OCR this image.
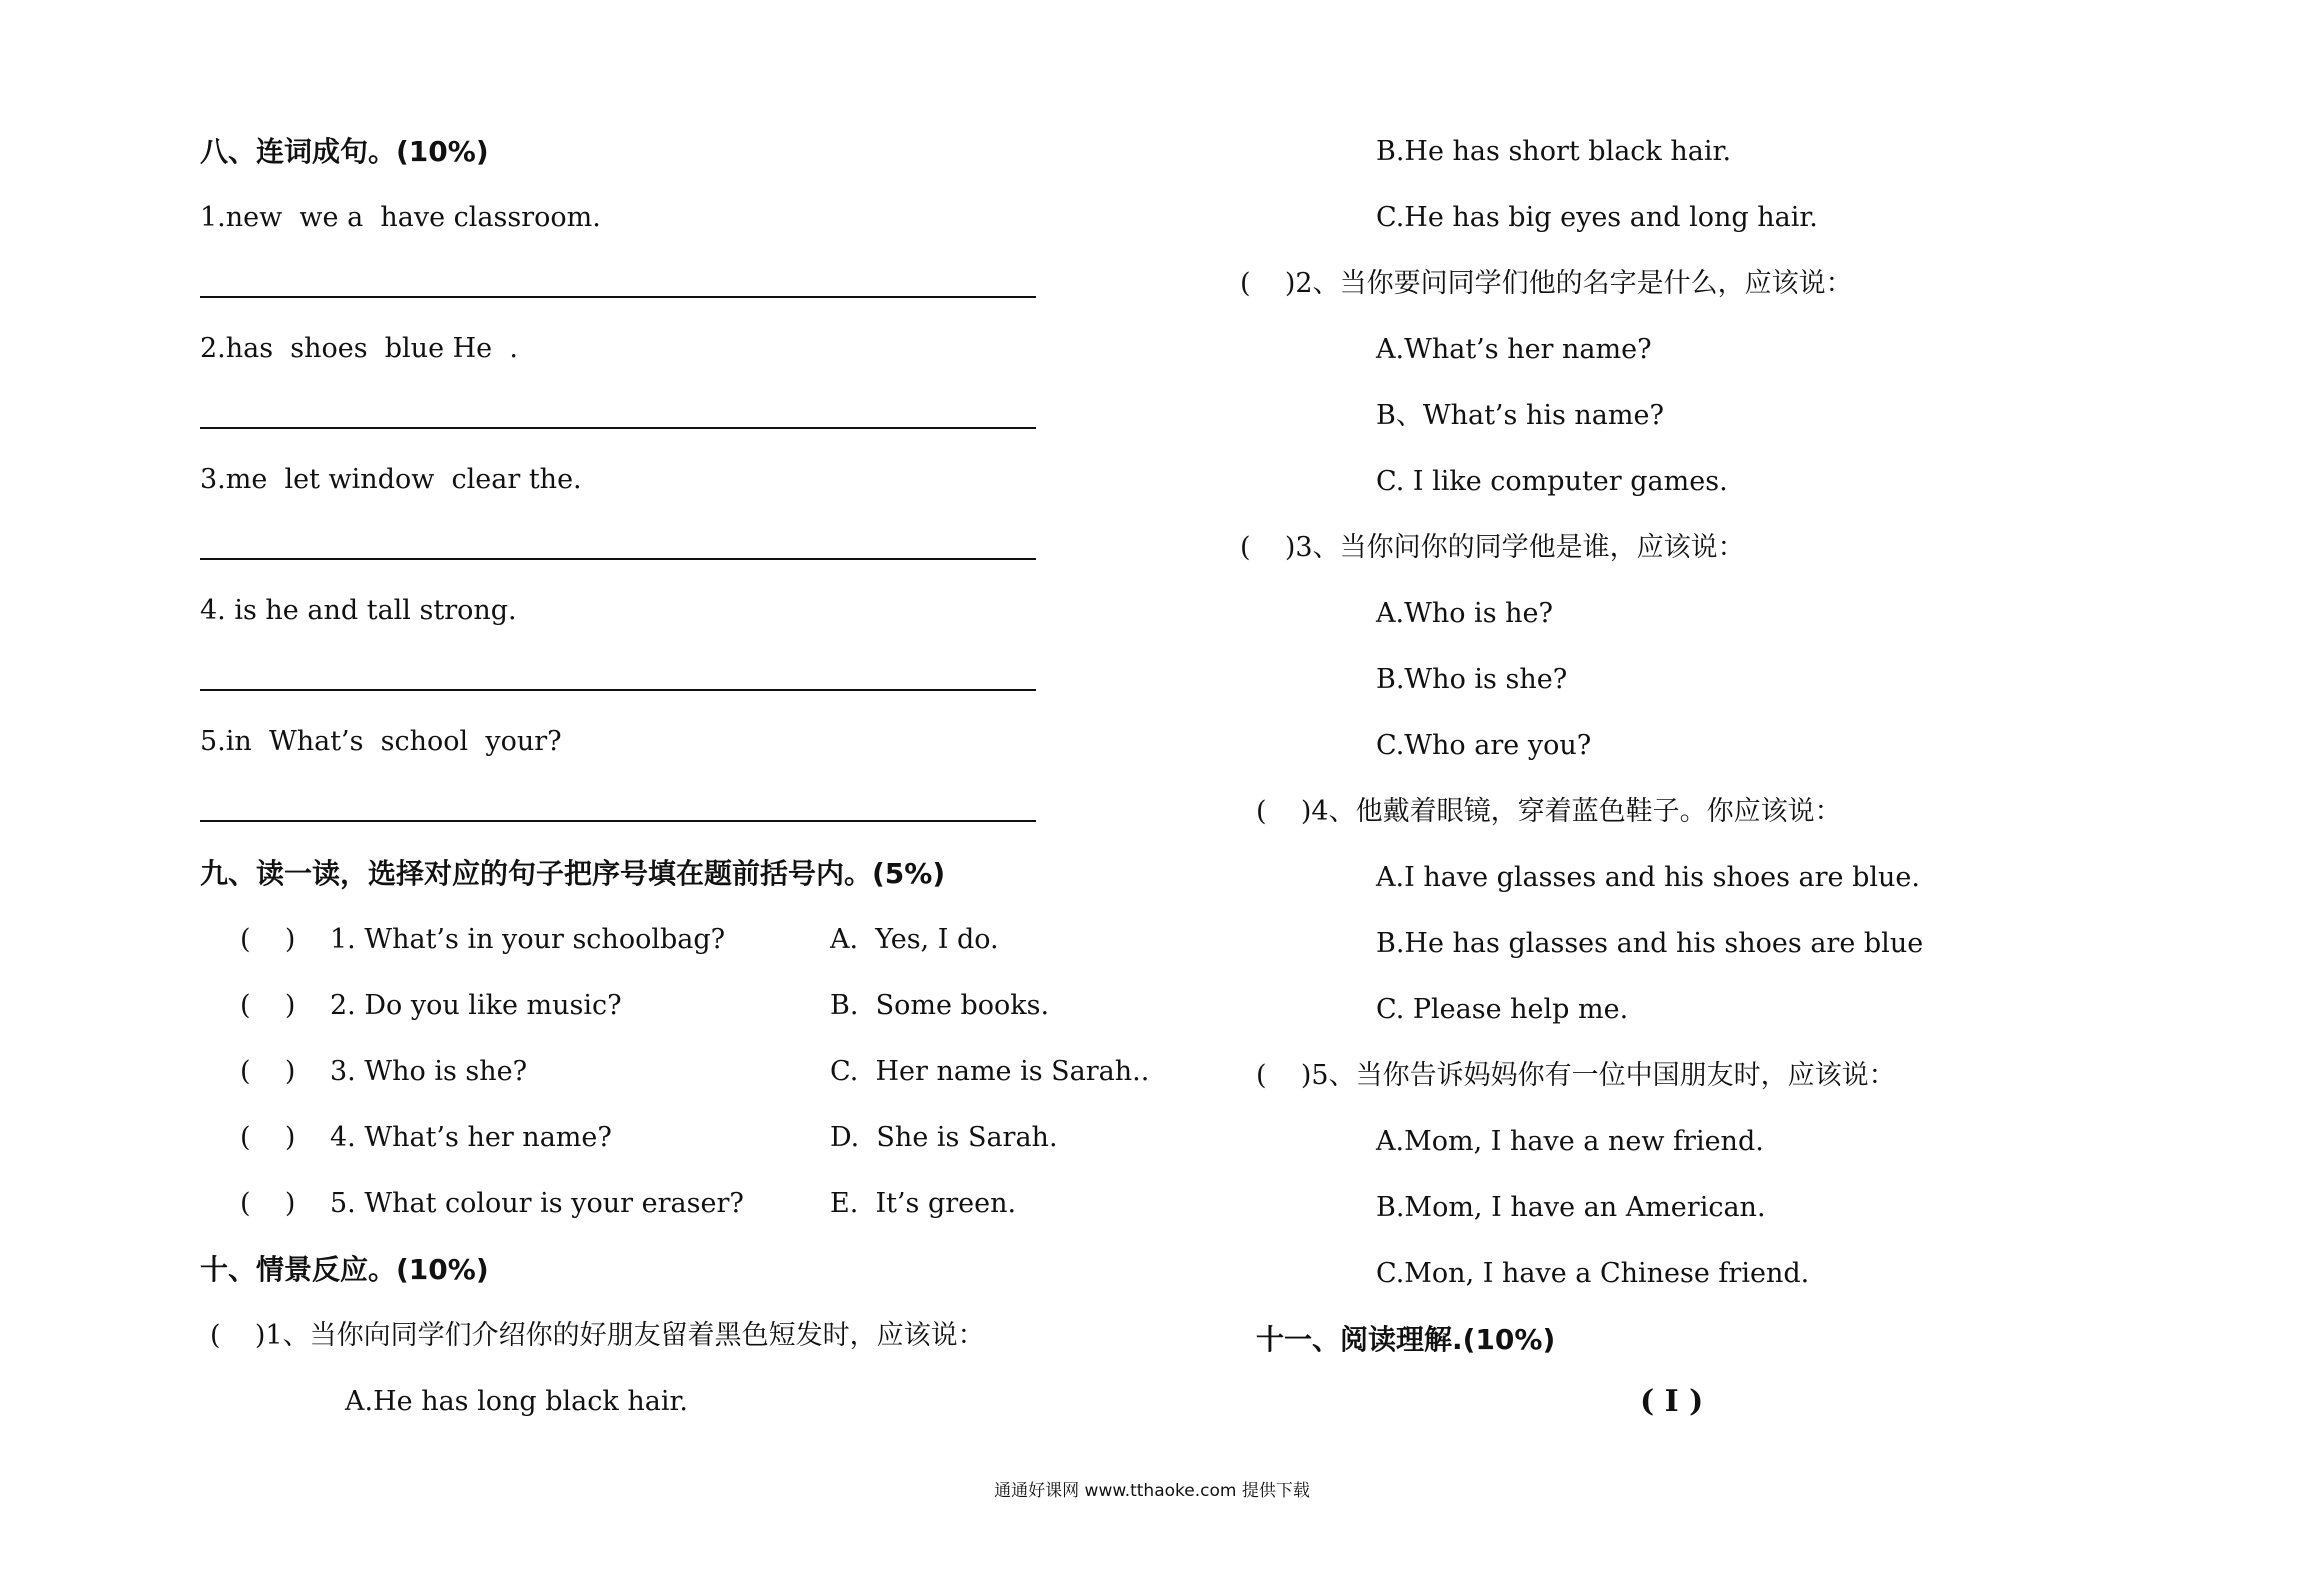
八、连词成句。(10%)
1.new  we a  have classroom.
2.has  shoes  blue He  .
3.me  let window  clear the.
4. is he and tall strong.
5.in  What’s  school  your?
九、读一读，选择对应的句子把序号填在题前括号内。(5%)
(    ) 1. What’s in your schoolbag?	A.  Yes, I do.
(    ) 2. Do you like music?	B.  Some books.
(    ) 3. Who is she?	C.  Her name is Sarah..
(    ) 4. What’s her name?	D.  She is Sarah.
(    ) 5. What colour is your eraser?	E.  It’s green.
十、情景反应。(10%)
(    )1、当你向同学们介绍你的好朋友留着黑色短发时，应该说：
A.He has long black hair.
B.He has short black hair.
C.He has big eyes and long hair.
(    )2、当你要问同学们他的名字是什么，应该说：
A.What’s her name?
B、What’s his name?
C. I like computer games.
(    )3、当你问你的同学他是谁，应该说：
A.Who is he?
B.Who is she?
C.Who are you?
(    )4、他戴着眼镜，穿着蓝色鞋子。你应该说：
A.I have glasses and his shoes are blue.
B.He has glasses and his shoes are blue
C. Please help me.
(    )5、当你告诉妈妈你有一位中国朋友时，应该说：
A.Mom, I have a new friend.
B.Mom, I have an American.
C.Mon, I have a Chinese friend.
十一、阅读理解.(10%)
( Ⅰ )
通通好课网 www.tthaoke.com 提供下载
